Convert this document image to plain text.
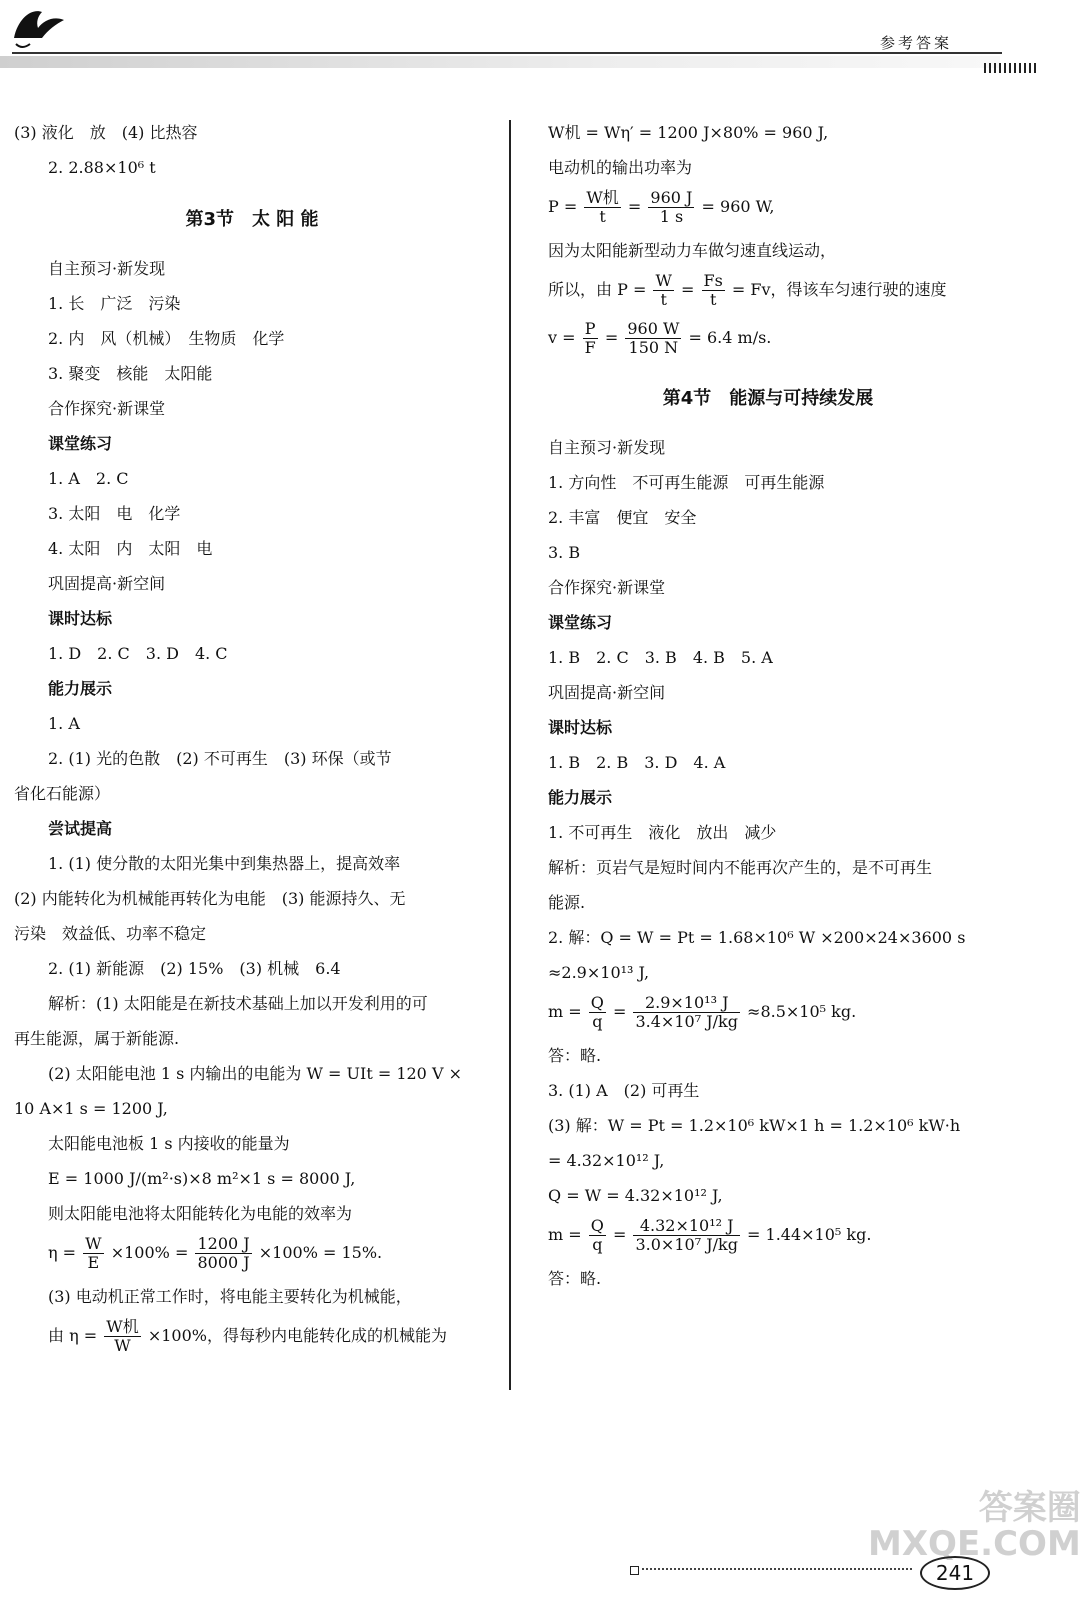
参考答案
(3) 液化　放　(4) 比热容
2. 2.88×10⁶ t
第3节　太 阳 能
自主预习·新发现
1. 长　广泛　污染
2. 内　风（机械）　生物质　化学
3. 聚变　核能　太阳能
合作探究·新课堂
课堂练习
1. A　2. C
3. 太阳　电　化学
4. 太阳　内　太阳　电
巩固提高·新空间
课时达标
1. D　2. C　3. D　4. C
能力展示
1. A
2. (1) 光的色散　(2) 不可再生　(3) 环保（或节
省化石能源）
尝试提高
1. (1) 使分散的太阳光集中到集热器上，提高效率
(2) 内能转化为机械能再转化为电能　(3) 能源持久、无
污染　效益低、功率不稳定
2. (1) 新能源　(2) 15%　(3) 机械　6.4
解析：(1) 太阳能是在新技术基础上加以开发利用的可
再生能源，属于新能源.
(2) 太阳能电池 1 s 内输出的电能为 W = UIt = 120 V ×
10 A×1 s = 1200 J,
太阳能电池板 1 s 内接收的能量为
E = 1000 J/(m²·s)×8 m²×1 s = 8000 J,
则太阳能电池将太阳能转化为电能的效率为
$\eta = \frac{W}{E} \times 100\% = \frac{1200 J}{8000 J} \times 100\% = 15\%$.
(3) 电动机正常工作时，将电能主要转化为机械能，
由 $\eta = \frac{\text{W机}}{W} \times 100\%$，得每秒内电能转化成的机械能为
W机 = Wη′ = 1200 J×80% = 960 J,
电动机的输出功率为
$P = \frac{\text{W机}}{t} = \frac{960 J}{1 s} = 960$ W,
因为太阳能新型动力车做匀速直线运动，
所以，由 $P = \frac{W}{t} = \frac{Fs}{t} = Fv$，得该车匀速行驶的速度
$v = \frac{P}{F} = \frac{960 W}{150 N} = 6.4$ m/s.
第4节　能源与可持续发展
自主预习·新发现
1. 方向性　不可再生能源　可再生能源
2. 丰富　便宜　安全
3. B
合作探究·新课堂
课堂练习
1. B　2. C　3. B　4. B　5. A
巩固提高·新空间
课时达标
1. B　2. B　3. D　4. A
能力展示
1. 不可再生　液化　放出　减少
解析：页岩气是短时间内不能再次产生的，是不可再生
能源.
2. 解：Q = W = Pt = 1.68×10⁶ W ×200×24×3600 s
≈2.9×10¹³ J,
$m = \frac{Q}{q} = \frac{\text{2.9×10¹³ J}}{\text{3.4×10⁷ J/kg}} \approx 8.5\times 10^5$ kg.
答：略.
3. (1) A　(2) 可再生
(3) 解：W = Pt = 1.2×10⁶ kW×1 h = 1.2×10⁶ kW·h
= 4.32×10¹² J,
Q = W = 4.32×10¹² J,
$m = \frac{Q}{q} = \frac{\text{4.32×10¹² J}}{\text{3.0×10⁷ J/kg}} = 1.44\times 10^5$ kg.
答：略.
答案圈
MXQE.COM
241
